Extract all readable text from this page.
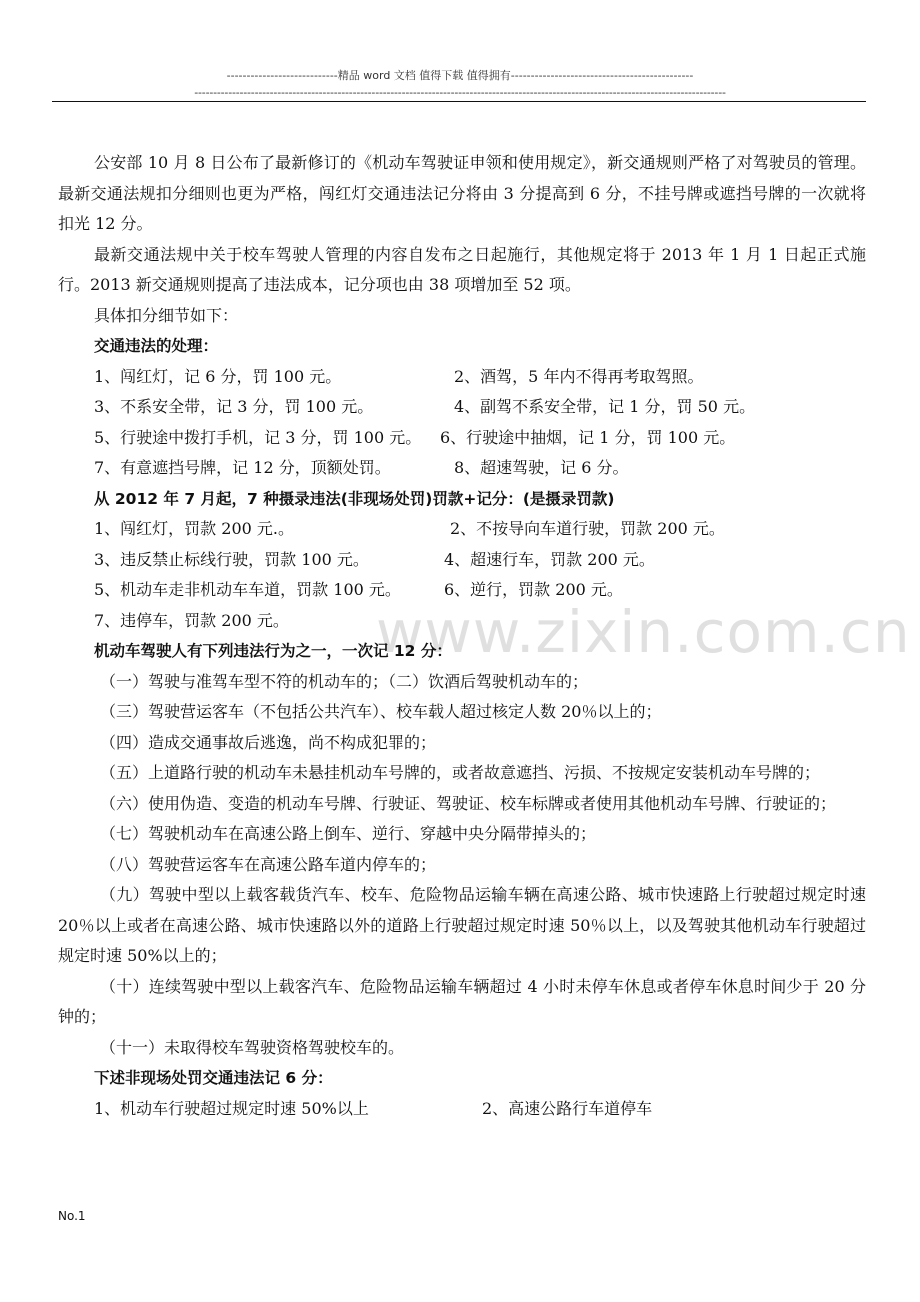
----------------------------精品 word 文档 值得下载 值得拥有----------------------------------------------
---------------------------------------------------------------------------------------------------------------------------------------------
www.zixin.com.cn

公安部 10 月 8 日公布了最新修订的《机动车驾驶证申领和使用规定》，新交通规则严格了对驾驶员的管理。最新交通法规扣分细则也更为严格，闯红灯交通违法记分将由 3 分提高到 6 分，不挂号牌或遮挡号牌的一次就将扣光 12 分。

最新交通法规中关于校车驾驶人管理的内容自发布之日起施行，其他规定将于 2013 年 1 月 1 日起正式施行。2013 新交通规则提高了违法成本，记分项也由 38 项增加至 52 项。

具体扣分细节如下：

交通违法的处理：

1、闯红灯，记 6 分，罚 100 元。	2、酒驾，5 年内不得再考取驾照。
3、不系安全带，记 3 分，罚 100 元。	4、副驾不系安全带，记 1 分，罚 50 元。
5、行驶途中拨打手机，记 3 分，罚 100 元。 6、行驶途中抽烟，记 1 分，罚 100 元。
7、有意遮挡号牌，记 12 分，顶额处罚。	8、超速驾驶，记 6 分。

从 2012 年 7 月起，7 种摄录违法(非现场处罚)罚款+记分：(是摄录罚款)

1、闯红灯，罚款 200 元.。	2、不按导向车道行驶，罚款 200 元。
3、违反禁止标线行驶，罚款 100 元。	4、超速行车，罚款 200 元。
5、机动车走非机动车车道，罚款 100 元。	6、逆行，罚款 200 元。
7、违停车，罚款 200 元。

机动车驾驶人有下列违法行为之一，一次记 12 分：

（一）驾驶与准驾车型不符的机动车的；（二）饮酒后驾驶机动车的；

（三）驾驶营运客车（不包括公共汽车）、校车载人超过核定人数 20％以上的；

（四）造成交通事故后逃逸，尚不构成犯罪的；

（五）上道路行驶的机动车未悬挂机动车号牌的，或者故意遮挡、污损、不按规定安装机动车号牌的；

（六）使用伪造、变造的机动车号牌、行驶证、驾驶证、校车标牌或者使用其他机动车号牌、行驶证的；

（七）驾驶机动车在高速公路上倒车、逆行、穿越中央分隔带掉头的；

（八）驾驶营运客车在高速公路车道内停车的；

（九）驾驶中型以上载客载货汽车、校车、危险物品运输车辆在高速公路、城市快速路上行驶超过规定时速 20％以上或者在高速公路、城市快速路以外的道路上行驶超过规定时速 50％以上，以及驾驶其他机动车行驶超过规定时速 50%以上的；

（十）连续驾驶中型以上载客汽车、危险物品运输车辆超过 4 小时未停车休息或者停车休息时间少于 20 分钟的；

（十一）未取得校车驾驶资格驾驶校车的。

下述非现场处罚交通违法记 6 分：

1、机动车行驶超过规定时速 50%以上	2、高速公路行车道停车
No.1
